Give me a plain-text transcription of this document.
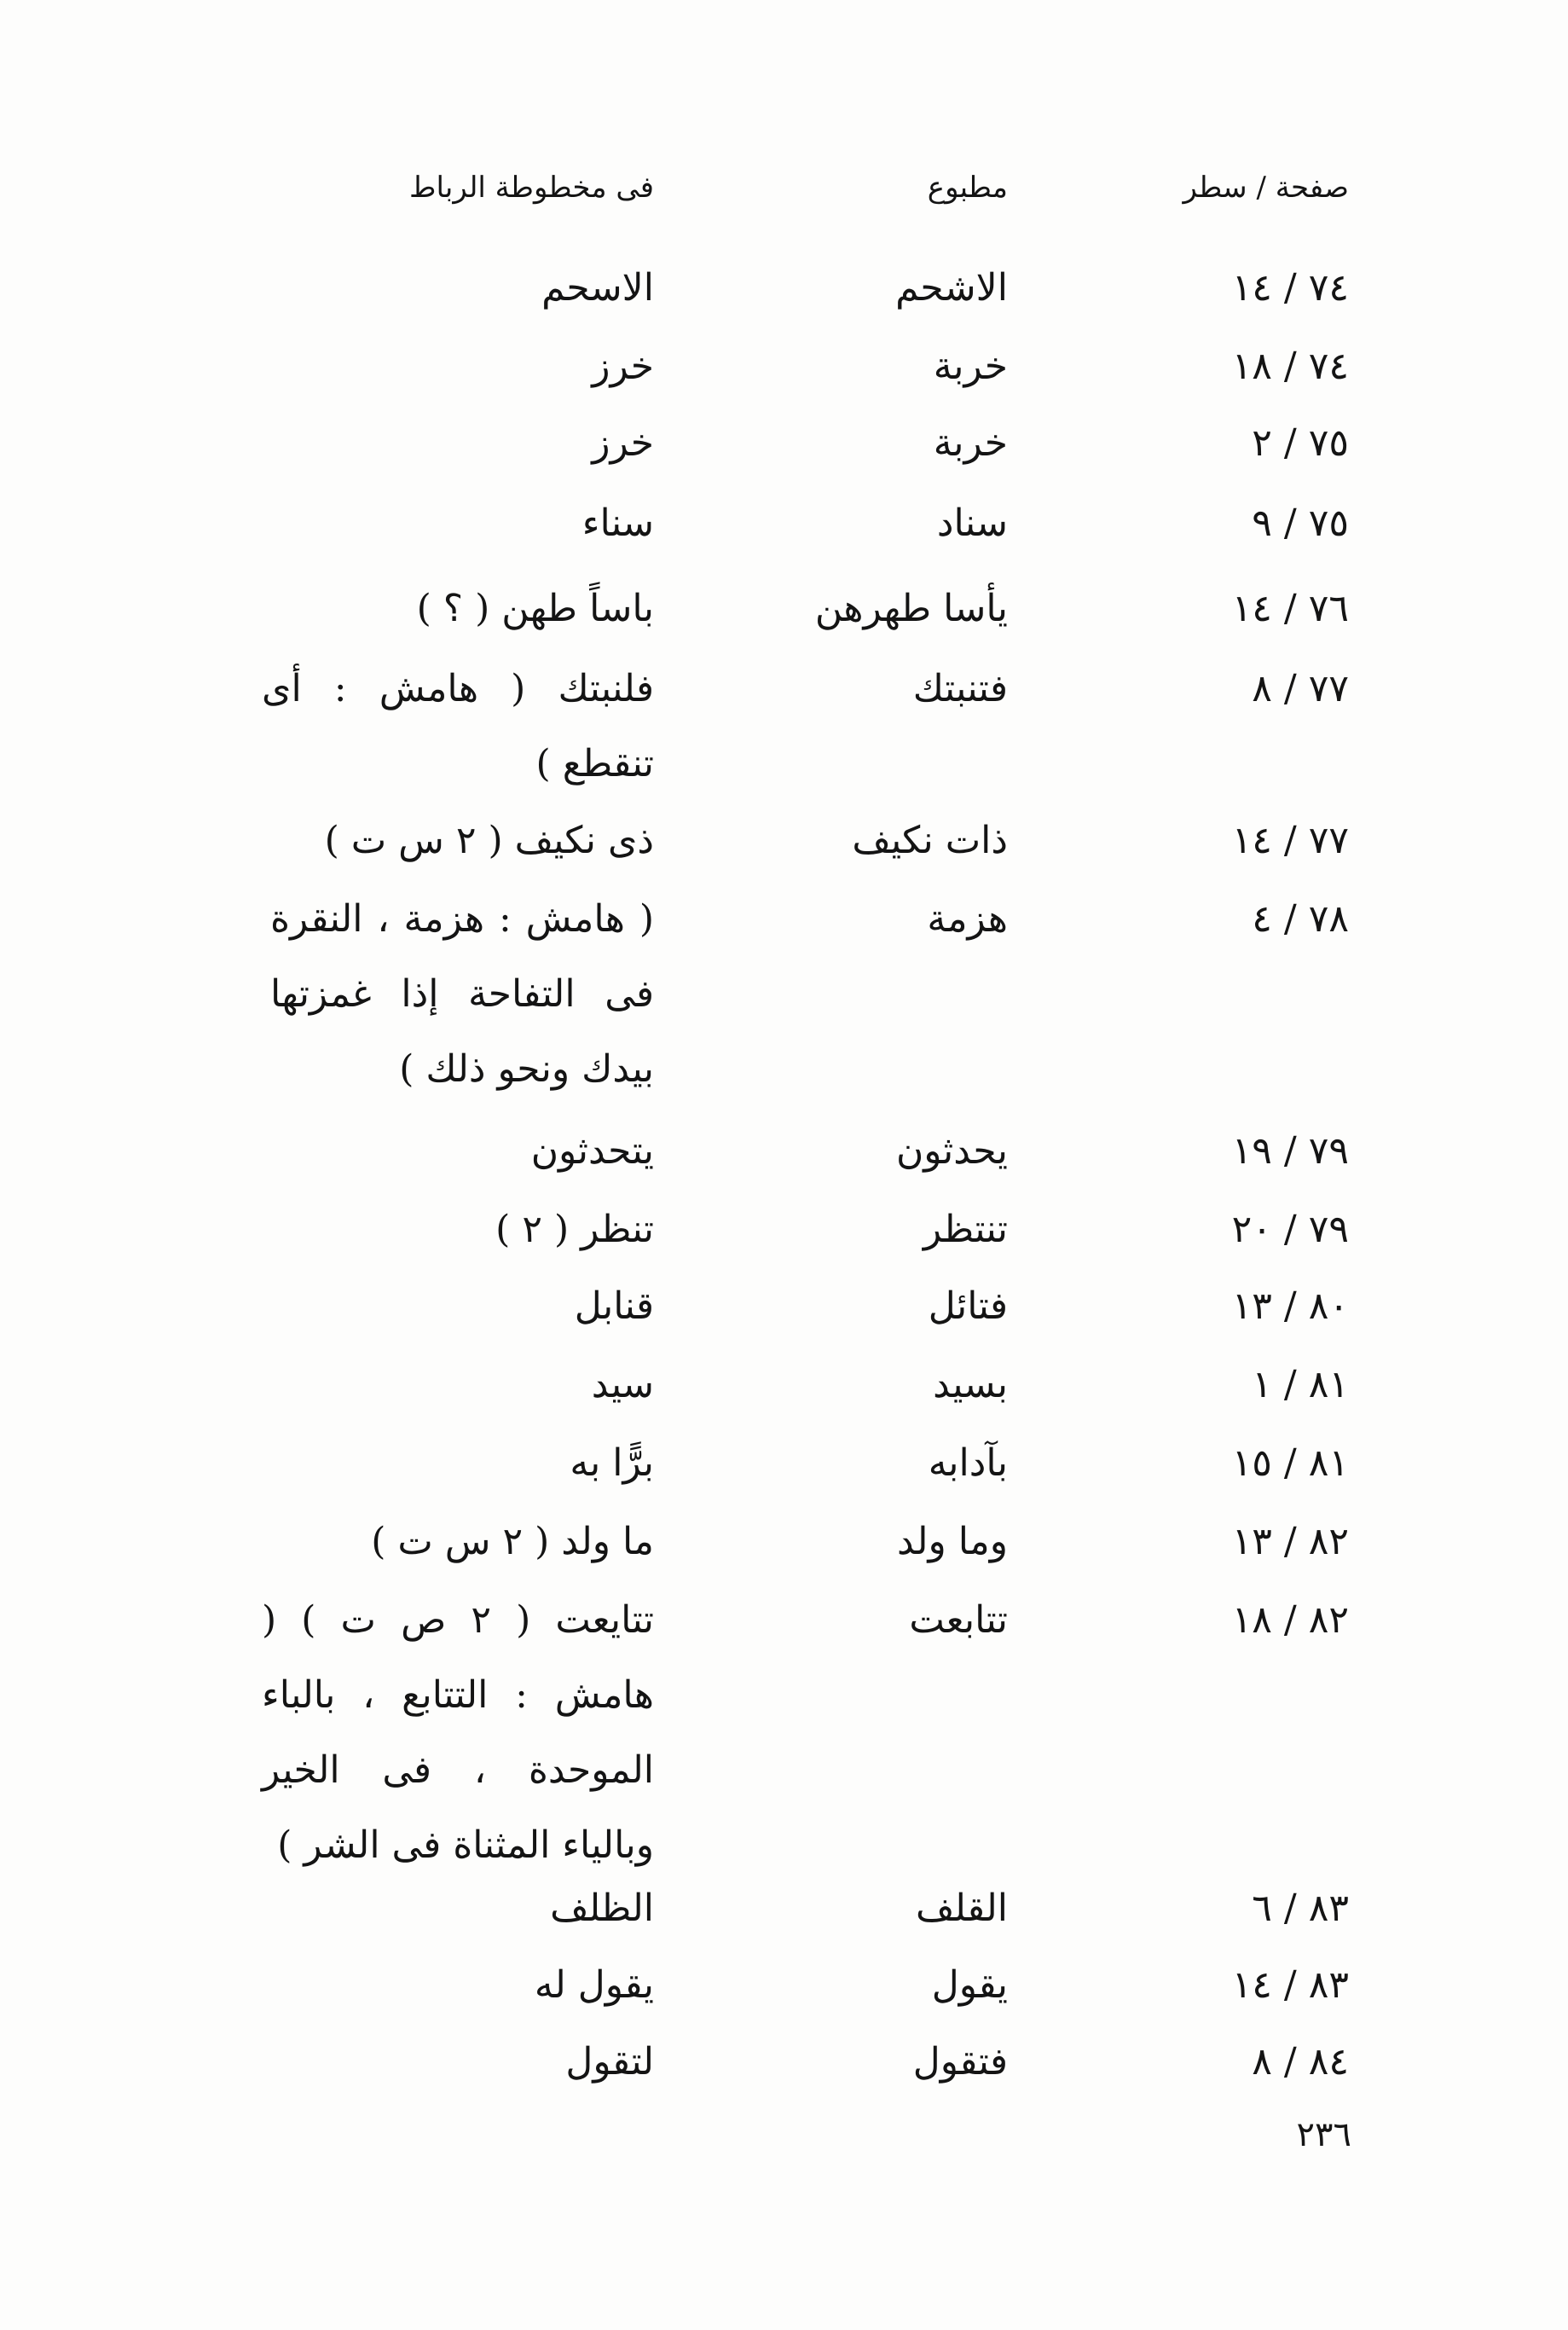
صفحة / سطر
مطبوع
فى مخطوطة الرباط
٧٤ / ١٤
الاشحم
الاسحم
٧٤ / ١٨
خربة
خرز
٧٥ / ٢
خربة
خرز
٧٥ / ٩
سناد
سناء
٧٦ / ١٤
يأسا طهرهن
باساً طهن ( ؟ )
٧٧ / ٨
فتنبتك
فلنبتك ( هامش : أى تنقطع )
٧٧ / ١٤
ذات نكيف
ذى نكيف ( ٢ س ت )
٧٨ / ٤
هزمة
( هامش : هزمة ، النقرة فى التفاحة إذا غمزتها بيدك ونحو ذلك )
٧٩ / ١٩
يحدثون
يتحدثون
٧٩ / ٢٠
تنتظر
تنظر ( ٢ )
٨٠ / ١٣
فتائل
قنابل
٨١ / ١
بسيد
سيد
٨١ / ١٥
بآدابه
برًّا به
٨٢ / ١٣
وما ولد
ما ولد ( ٢ س ت )
٨٢ / ١٨
تتابعت
تتايعت ( ٢ ص ت ) ( هامش : التتابع ، بالباء الموحدة ، فى الخير وبالياء المثناة فى الشر )
٨٣ / ٦
القلف
الظلف
٨٣ / ١٤
يقول
يقول له
٨٤ / ٨
فتقول
لتقول
٢٣٦
